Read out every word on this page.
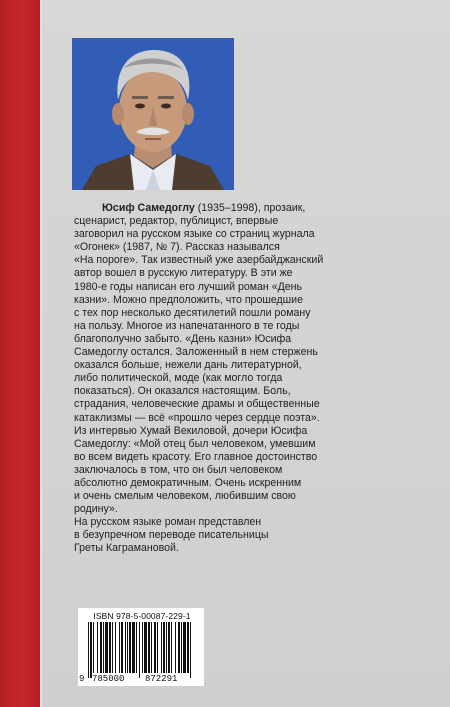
Юсиф Самедоглу (1935–1998), прозаик,

сценарист, редактор, публицист, впервые

заговорил на русском языке со страниц журнала

«Огонек» (1987, № 7). Рассказ назывался

«На пороге». Так известный уже азербайджанский

автор вошел в русскую литературу. В эти же

1980-е годы написан его лучший роман «День

казни». Можно предположить, что прошедшие

с тех пор несколько десятилетий пошли роману

на пользу. Многое из напечатанного в те годы

благополучно забыто. «День казни» Юсифа

Самедоглу остался. Заложенный в нем стержень

оказался больше, нежели дань литературной,

либо политической, моде (как могло тогда

показаться). Он оказался настоящим. Боль,

страдания, человеческие драмы и общественные

катаклизмы — всё «прошло через сердце поэта».

Из интервью Хумай Векиловой, дочери Юсифа

Самедоглу: «Мой отец был человеком, умевшим

во всем видеть красоту. Его главное достоинство

заключалось в том, что он был человеком

абсолютно демократичным. Очень искренним

и очень смелым человеком, любившим свою

родину».

На русском языке роман представлен

в безупречном переводе писательницы

Греты Каграмановой.

ISBN 978-5-00087-229-1
9 785000 872291
